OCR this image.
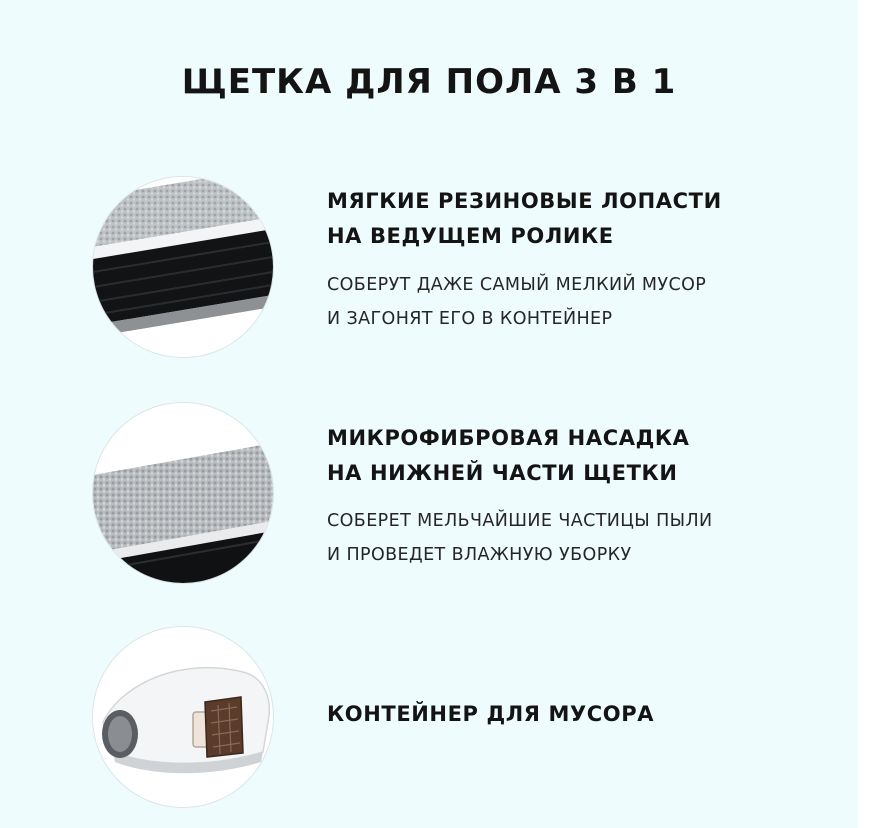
ЩЕТКА ДЛЯ ПОЛА 3 В 1
МЯГКИЕ РЕЗИНОВЫЕ ЛОПАСТИ
НА ВЕДУЩЕМ РОЛИКЕ
СОБЕРУТ ДАЖЕ САМЫЙ МЕЛКИЙ МУСОР
И ЗАГОНЯТ ЕГО В КОНТЕЙНЕР
МИКРОФИБРОВАЯ НАСАДКА
НА НИЖНЕЙ ЧАСТИ ЩЕТКИ
СОБЕРЕТ МЕЛЬЧАЙШИЕ ЧАСТИЦЫ ПЫЛИ
И ПРОВЕДЕТ ВЛАЖНУЮ УБОРКУ
КОНТЕЙНЕР ДЛЯ МУСОРА
